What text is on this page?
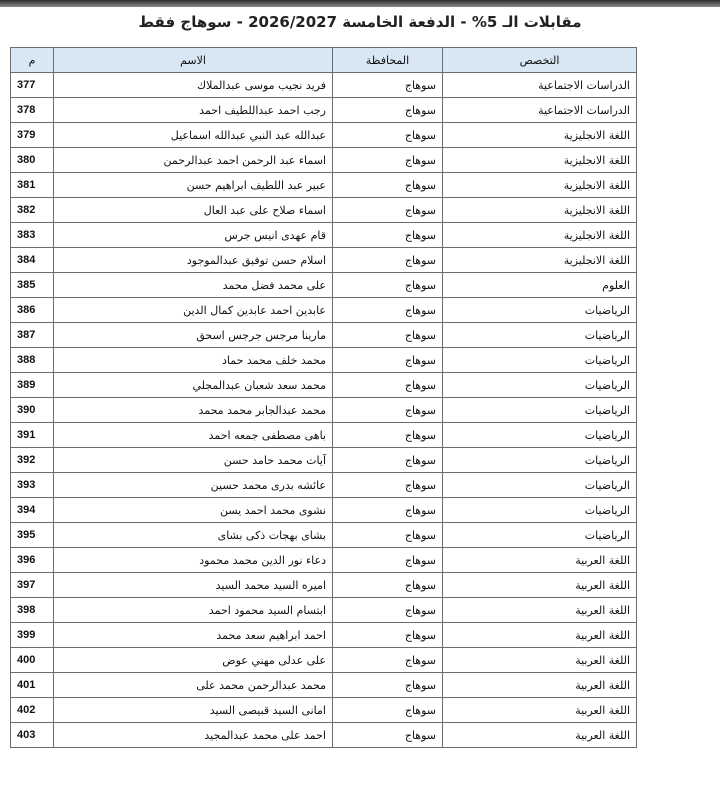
مقابلات الـ 5% - الدفعة الخامسة 2026/2027 - سوهاج فقط
م	الاسم	المحافظة	التخصص
377	فريد نجيب موسى عبدالملاك	سوهاج	الدراسات الاجتماعية
378	رجب احمد عبداللطيف احمد	سوهاج	الدراسات الاجتماعية
379	عبدالله عبد النبي عبدالله اسماعيل	سوهاج	اللغة الانجليزية
380	اسماء عبد الرحمن احمد عبدالرحمن	سوهاج	اللغة الانجليزية
381	عبير عبد اللطيف ابراهيم حسن	سوهاج	اللغة الانجليزية
382	اسماء صلاح على عبد العال	سوهاج	اللغة الانجليزية
383	قام عهدى انيس جرس	سوهاج	اللغة الانجليزية
384	اسلام حسن توفيق عبدالموجود	سوهاج	اللغة الانجليزية
385	على محمد فضل محمد	سوهاج	العلوم
386	عابدين احمد عابدين كمال الدين	سوهاج	الرياضيات
387	مارينا مرجس جرجس اسحق	سوهاج	الرياضيات
388	محمد خلف محمد حماد	سوهاج	الرياضيات
389	محمد سعد شعبان عبدالمجلي	سوهاج	الرياضيات
390	محمد عبدالجابر محمد محمد	سوهاج	الرياضيات
391	باهى مصطفى جمعه احمد	سوهاج	الرياضيات
392	آيات محمد حامد حسن	سوهاج	الرياضيات
393	عائشه بدرى محمد حسين	سوهاج	الرياضيات
394	نشوى محمد احمد يسن	سوهاج	الرياضيات
395	بشاى بهجات ذكى بشاى	سوهاج	الرياضيات
396	دعاء نور الدين محمد محمود	سوهاج	اللغة العربية
397	اميره السيد محمد السيد	سوهاج	اللغة العربية
398	ابتسام السيد محمود احمد	سوهاج	اللغة العربية
399	احمد ابراهيم سعد محمد	سوهاج	اللغة العربية
400	على عدلى مهني عوض	سوهاج	اللغة العربية
401	محمد عبدالرحمن محمد على	سوهاج	اللغة العربية
402	امانى السيد قبيصى السيد	سوهاج	اللغة العربية
403	احمد على محمد عبدالمجيد	سوهاج	اللغة العربية
